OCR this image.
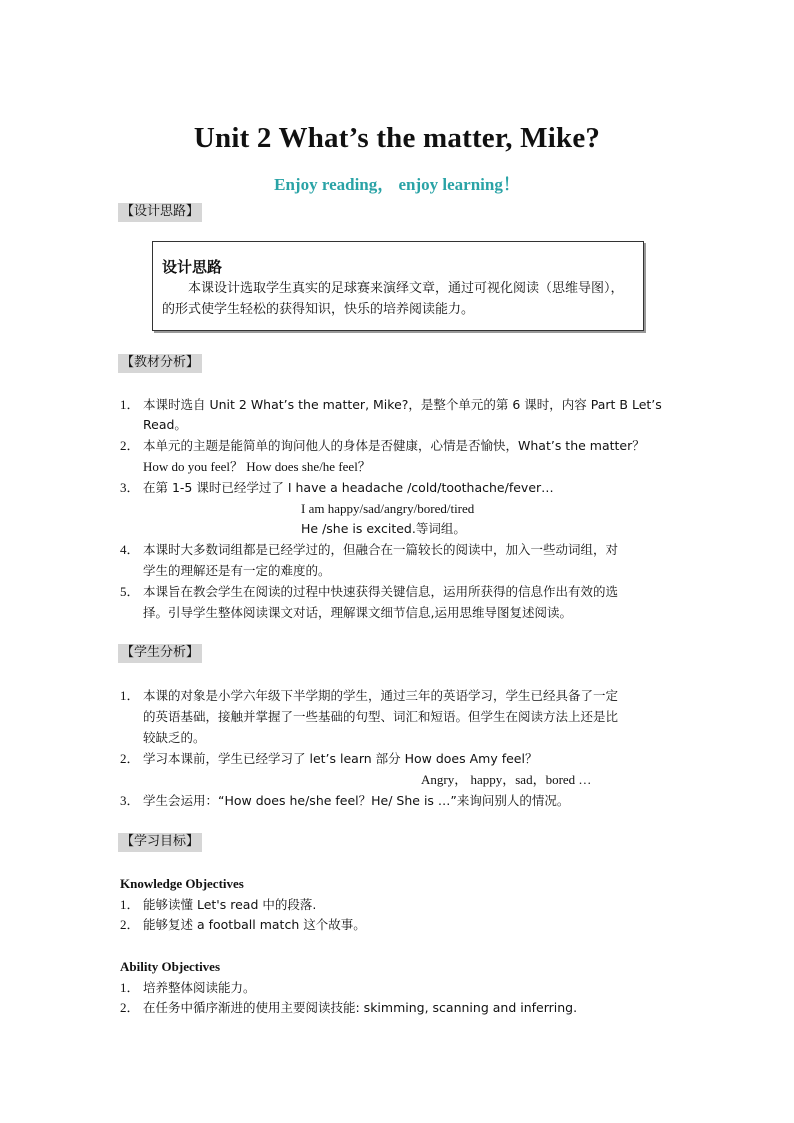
Unit 2 What’s the matter, Mike?
Enjoy reading， enjoy learning！
【设计思路】
设计思路
本课设计选取学生真实的足球赛来演绎文章，通过可视化阅读（思维导图），的形式使学生轻松的获得知识，快乐的培养阅读能力。
【教材分析】
1． 本课时选自 Unit 2 What’s the matter, Mike?，是整个单元的第 6 课时，内容 Part B Let’s
Read。
2． 本单元的主题是能简单的询问他人的身体是否健康，心情是否愉快，What’s the matter？
How do you feel？ How does she/he feel？
3． 在第 1-5 课时已经学过了 I have a headache /cold/toothache/fever…
I am happy/sad/angry/bored/tired
He /she is excited.等词组。
4． 本课时大多数词组都是已经学过的，但融合在一篇较长的阅读中，加入一些动词组，对
学生的理解还是有一定的难度的。
5． 本课旨在教会学生在阅读的过程中快速获得关键信息，运用所获得的信息作出有效的选
择。引导学生整体阅读课文对话，理解课文细节信息,运用思维导图复述阅读。
【学生分析】
1． 本课的对象是小学六年级下半学期的学生，通过三年的英语学习，学生已经具备了一定
的英语基础，接触并掌握了一些基础的句型、词汇和短语。但学生在阅读方法上还是比
较缺乏的。
2． 学习本课前，学生已经学习了 let’s learn 部分 How does Amy feel？
Angry， happy，sad，bored …
3． 学生会运用：“How does he/she feel？He/ She is …”来询问别人的情况。
【学习目标】
Knowledge Objectives
1． 能够读懂 Let's read 中的段落.
2． 能够复述 a football match 这个故事。
Ability Objectives
1． 培养整体阅读能力。
2． 在任务中循序渐进的使用主要阅读技能: skimming, scanning and inferring.
